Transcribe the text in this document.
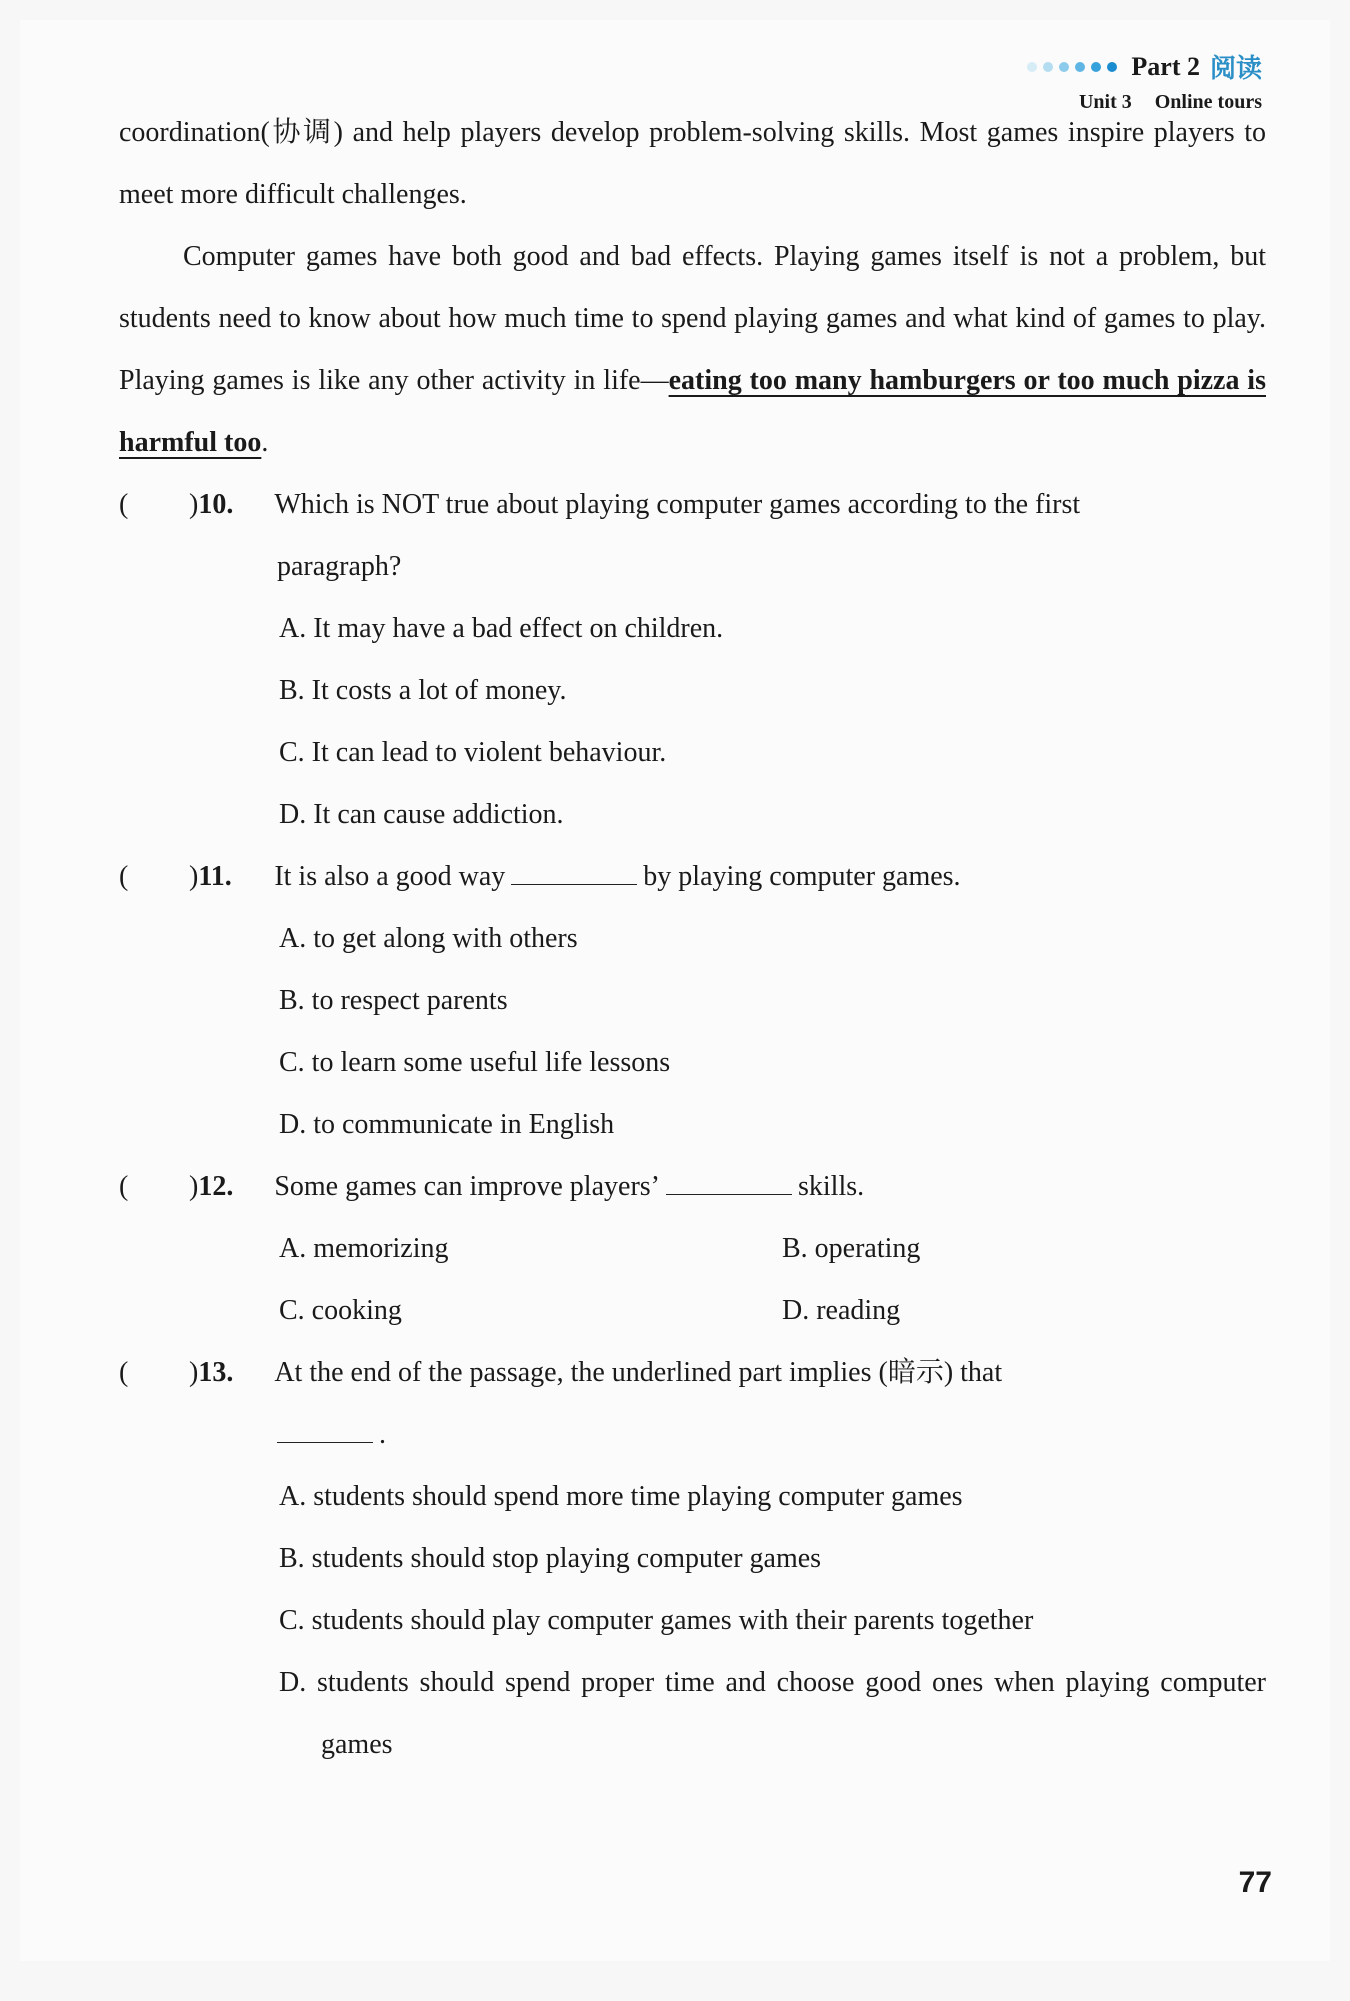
Part 2 阅读
Unit 3 Online tours

coordination(协调) and help players develop problem-solving skills. Most games inspire players to meet more difficult challenges.

Computer games have both good and bad effects. Playing games itself is not a problem, but students need to know about how much time to spend playing games and what kind of games to play. Playing games is like any other activity in life—eating too many hamburgers or too much pizza is harmful too.

(	) 10.	Which is NOT true about playing computer games according to the first
paragraph?
A. It may have a bad effect on children.
B. It costs a lot of money.
C. It can lead to violent behaviour.
D. It can cause addiction.
(	) 11.	It is also a good way	by playing computer games.
A. to get along with others
B. to respect parents
C. to learn some useful life lessons
D. to communicate in English
(	) 12.	Some games can improve players’	skills.
A. memorizing	B. operating
C. cooking	D. reading
(	) 13.	At the end of the passage, the underlined part implies (暗示) that
.
A. students should spend more time playing computer games
B. students should stop playing computer games
C. students should play computer games with their parents together
D. students should spend proper time and choose good ones when playing computer games
77
